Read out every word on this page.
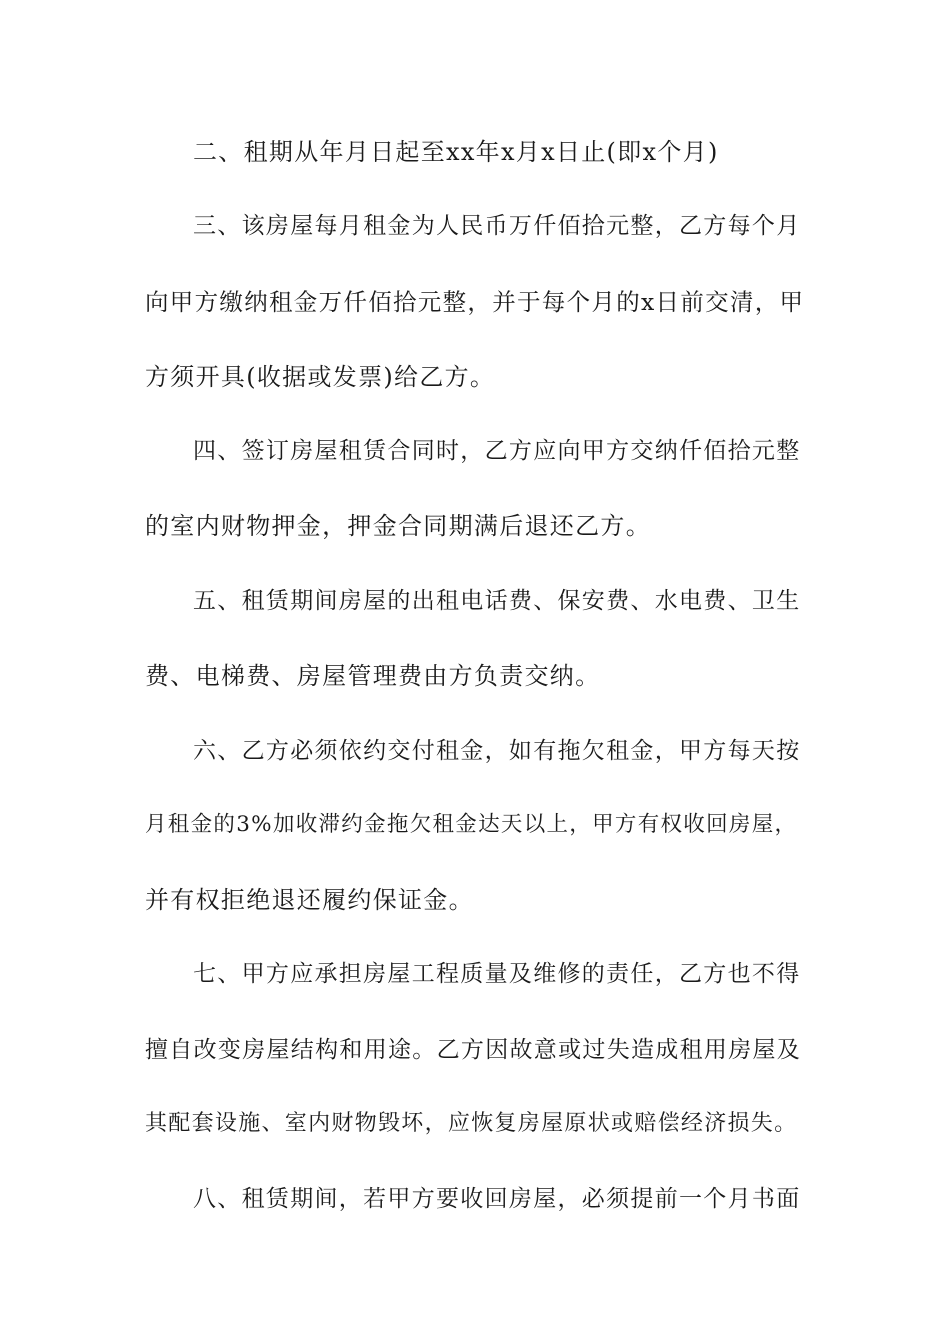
二、租期从年月日起至xx年x月x日止(即x个月)

三、该房屋每月租金为人民币万仟佰拾元整，乙方每个月

向甲方缴纳租金万仟佰拾元整，并于每个月的x日前交清，甲

方须开具(收据或发票)给乙方。

四、签订房屋租赁合同时，乙方应向甲方交纳仟佰拾元整

的室内财物押金，押金合同期满后退还乙方。

五、租赁期间房屋的出租电话费、保安费、水电费、卫生

费、电梯费、房屋管理费由方负责交纳。

六、乙方必须依约交付租金，如有拖欠租金，甲方每天按

月租金的3%加收滞约金拖欠租金达天以上，甲方有权收回房屋，

并有权拒绝退还履约保证金。

七、甲方应承担房屋工程质量及维修的责任，乙方也不得

擅自改变房屋结构和用途。乙方因故意或过失造成租用房屋及

其配套设施、室内财物毁坏，应恢复房屋原状或赔偿经济损失。

八、租赁期间，若甲方要收回房屋，必须提前一个月书面
